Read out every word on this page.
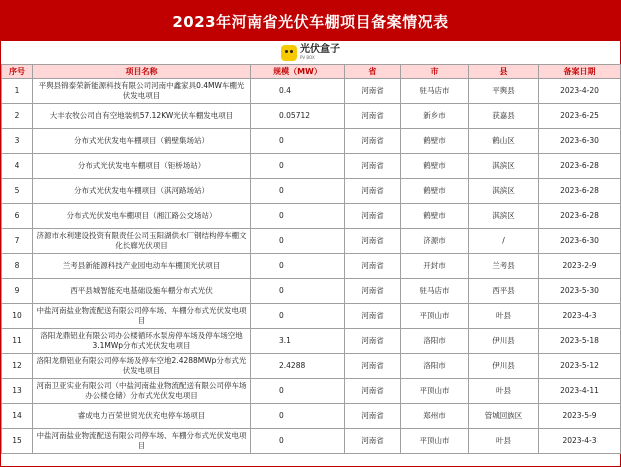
2023年河南省光伏车棚项目备案情况表
光伏盒子
PV BOX
序号	项目名称	规模（MW）	省	市	县	备案日期
1	平舆县锦泰荣新能源科技有限公司河南中鑫家具0.4MW车棚光伏发电项目	0.4	河南省	驻马店市	平舆县	2023-4-20
2	大丰农牧公司自有空地装机57.12KW光伏车棚发电项目	0.05712	河南省	新乡市	获嘉县	2023-6-25
3	分布式光伏发电车棚项目（鹤壁集场站）	0	河南省	鹤壁市	鹤山区	2023-6-30
4	分布式光伏发电车棚项目（钜桥场站）	0	河南省	鹤壁市	淇滨区	2023-6-28
5	分布式光伏发电车棚项目（淇河路场站）	0	河南省	鹤壁市	淇滨区	2023-6-28
6	分布式光伏发电车棚项目（湘江路公交场站）	0	河南省	鹤壁市	淇滨区	2023-6-28
7	济源市水利建设投资有限责任公司玉阳湖供水厂钢结构停车棚文化长廊光伏项目	0	河南省	济源市	/	2023-6-30
8	兰考县新能源科技产业园电动车车棚顶光伏项目	0	河南省	开封市	兰考县	2023-2-9
9	西平县城智能充电基础设施车棚分布式光伏	0	河南省	驻马店市	西平县	2023-5-30
10	中盐河南盐业物流配送有限公司停车场、车棚分布式光伏发电项目	0	河南省	平顶山市	叶县	2023-4-3
11	洛阳龙鼎铝业有限公司办公楼循环水泵房停车场及停车场空地3.1MWp分布式光伏发电项目	3.1	河南省	洛阳市	伊川县	2023-5-18
12	洛阳龙鼎铝业有限公司停车场及停车空地2.4288MWp分布式光伏发电项目	2.4288	河南省	洛阳市	伊川县	2023-5-12
13	河南卫亚实业有限公司（中盐河南盐业物流配送有限公司停车场办公楼仓储）分布式光伏发电项目	0	河南省	平顶山市	叶县	2023-4-11
14	睿成电力百荣世贸光伏充电停车场项目	0	河南省	郑州市	管城回族区	2023-5-9
15	中盐河南盐业物流配送有限公司停车场、车棚分布式光伏发电项目	0	河南省	平顶山市	叶县	2023-4-3
